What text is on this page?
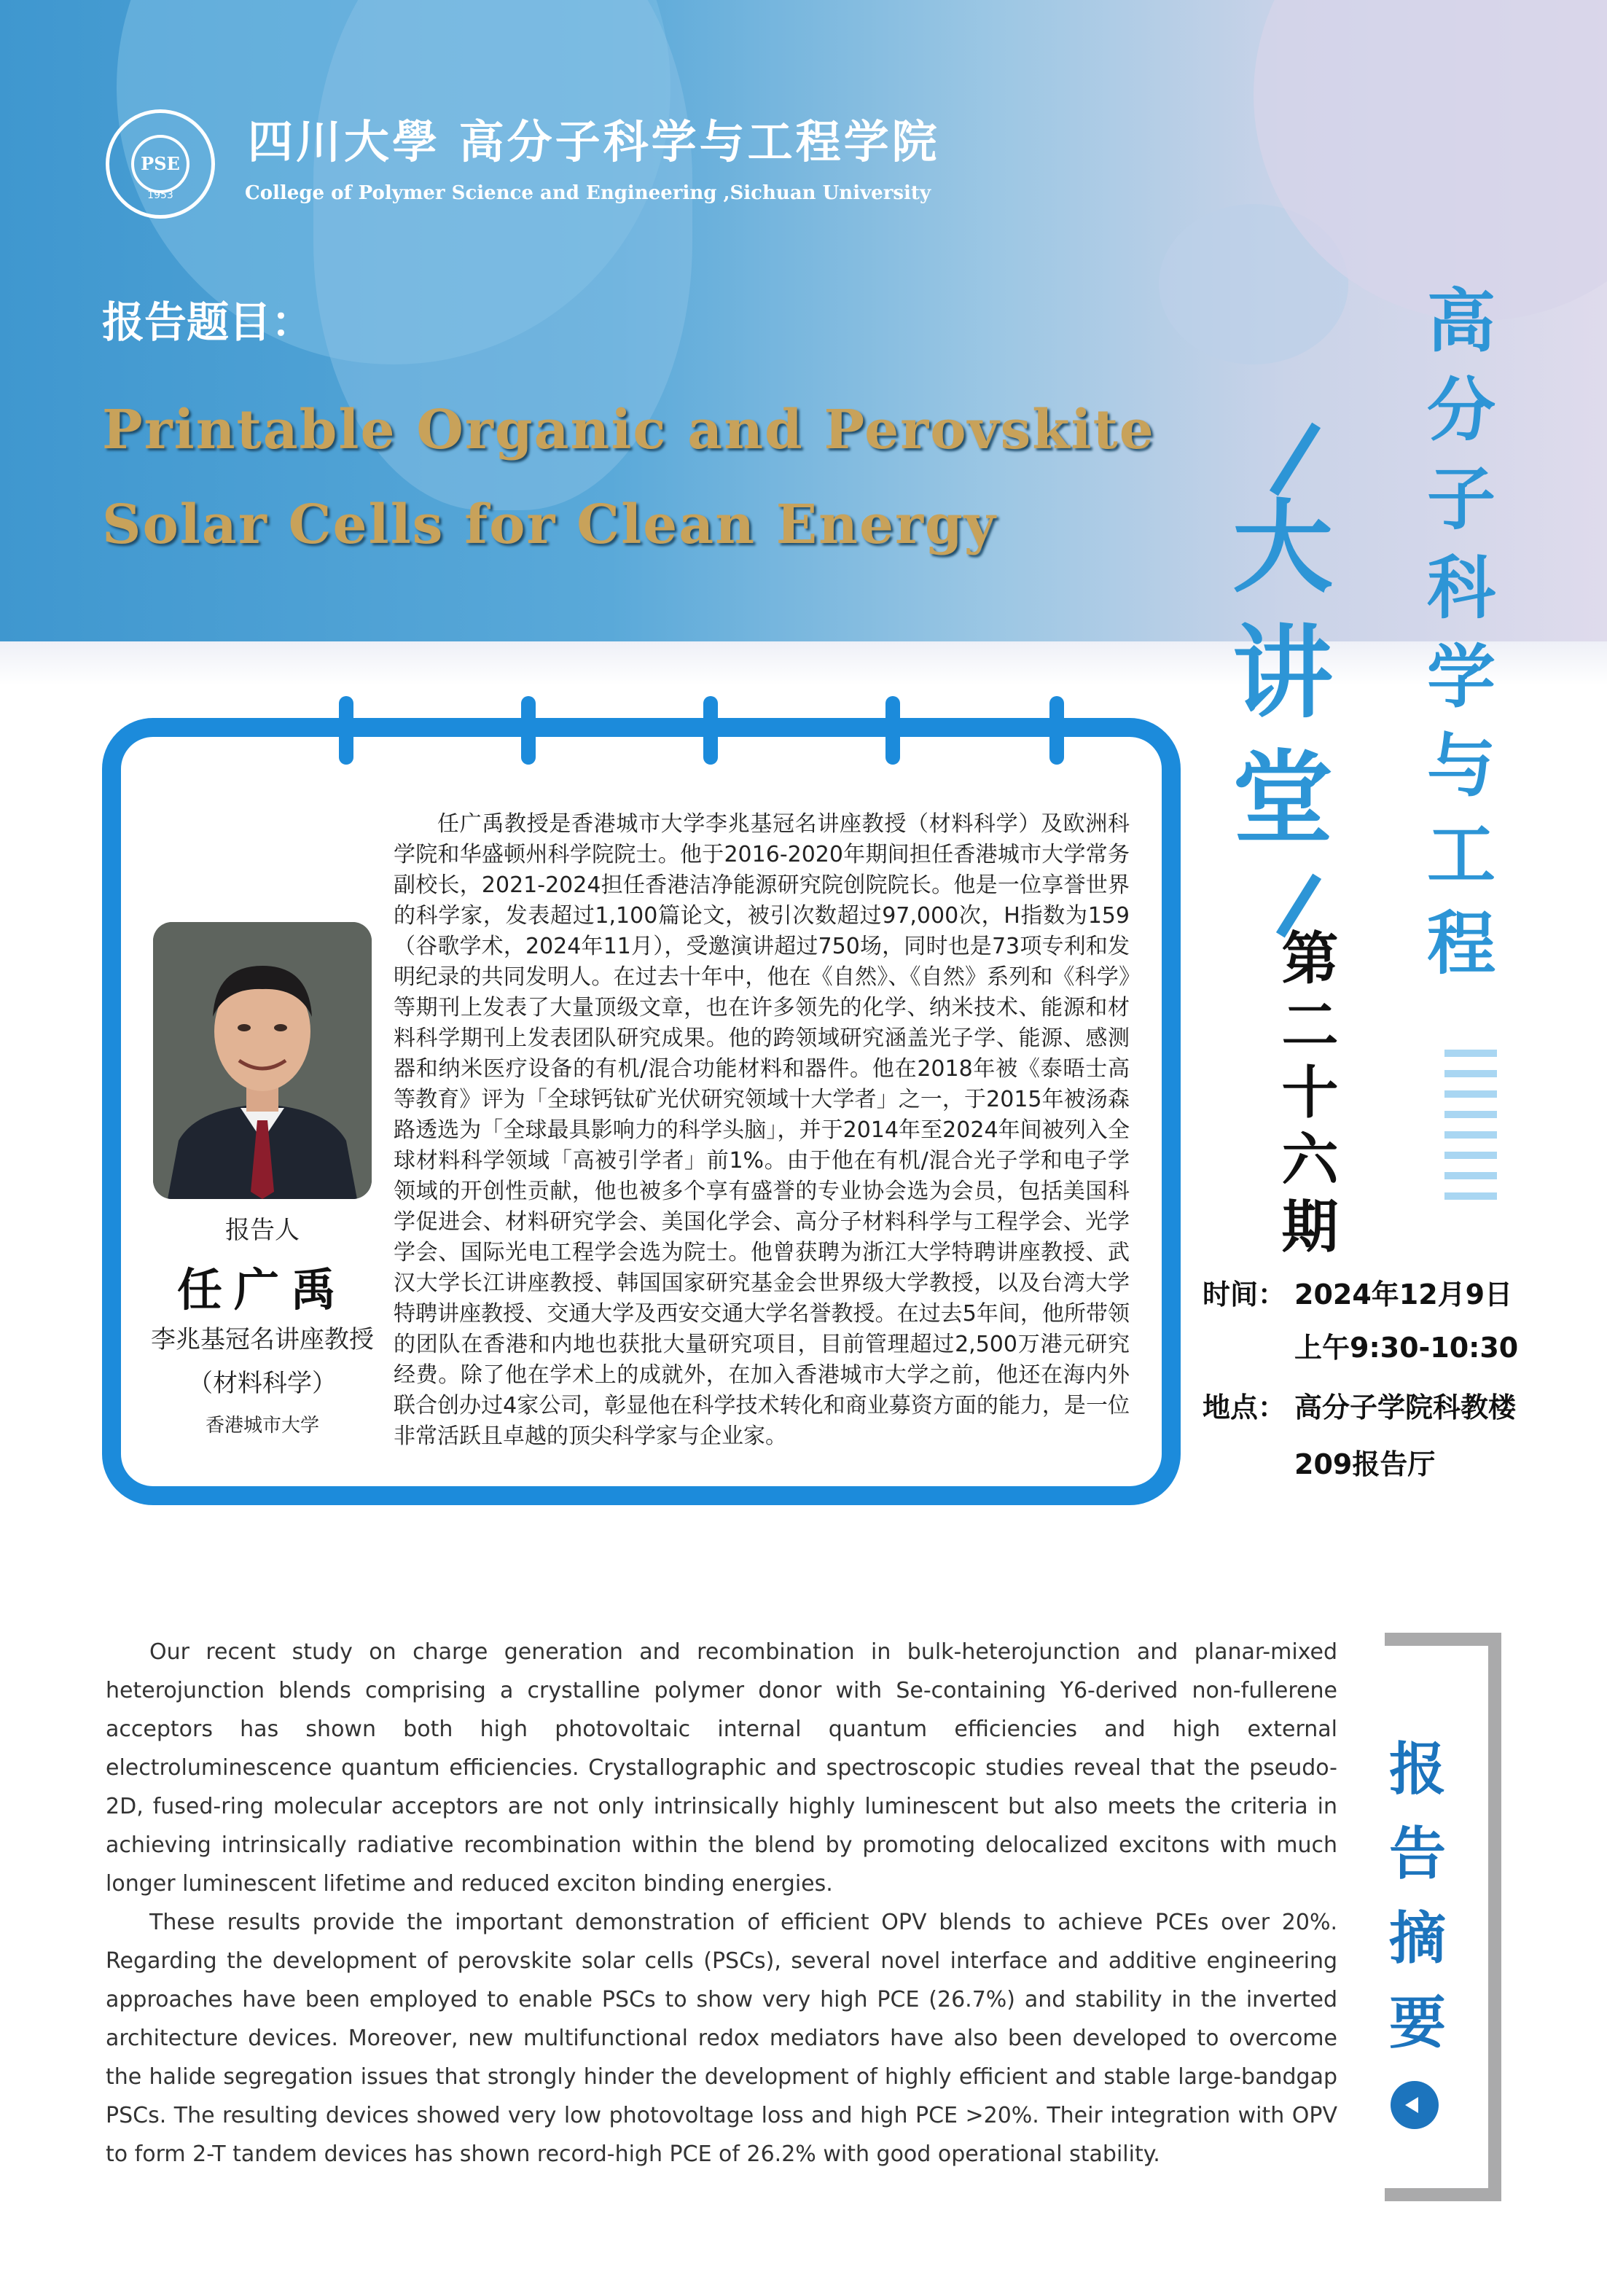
PSE
1953
四川大學 高分子科学与工程学院
College of Polymer Science and Engineering ,Sichuan University
报告题目：
Printable Organic and Perovskite Solar Cells for Clean Energy
高分子科学与工程
大讲堂
第二十六期
报告人
任广禹
李兆基冠名讲座教授
（材料科学）
香港城市大学
任广禹教授是香港城市大学李兆基冠名讲座教授（材料科学）及欧洲科学院和华盛顿州科学院院士。他于2016-2020年期间担任香港城市大学常务副校长，2021-2024担任香港洁净能源研究院创院院长。他是一位享誉世界的科学家，发表超过1,100篇论文，被引次数超过97,000次，H指数为159（谷歌学术，2024年11月），受邀演讲超过750场，同时也是73项专利和发明纪录的共同发明人。在过去十年中，他在《自然》、《自然》系列和《科学》等期刊上发表了大量顶级文章，也在许多领先的化学、纳米技术、能源和材料科学期刊上发表团队研究成果。他的跨领域研究涵盖光子学、能源、感测器和纳米医疗设备的有机/混合功能材料和器件。他在2018年被《泰晤士高等教育》评为「全球钙钛矿光伏研究领域十大学者」之一，于2015年被汤森路透选为「全球最具影响力的科学头脑」，并于2014年至2024年间被列入全球材料科学领域「高被引学者」前1%。由于他在有机/混合光子学和电子学领域的开创性贡献，他也被多个享有盛誉的专业协会选为会员，包括美国科学促进会、材料研究学会、美国化学会、高分子材料科学与工程学会、光学学会、国际光电工程学会选为院士。他曾获聘为浙江大学特聘讲座教授、武汉大学长江讲座教授、韩国国家研究基金会世界级大学教授，以及台湾大学特聘讲座教授、交通大学及西安交通大学名誉教授。在过去5年间，他所带领的团队在香港和内地也获批大量研究项目，目前管理超过2,500万港元研究经费。除了他在学术上的成就外，在加入香港城市大学之前，他还在海内外联合创办过4家公司，彰显他在科学技术转化和商业募资方面的能力，是一位非常活跃且卓越的顶尖科学家与企业家。
时间： 2024年12月9日
上午9:30-10:30
地点： 高分子学院科教楼
209报告厅

Our recent study on charge generation and recombination in bulk-heterojunction and planar-mixed heterojunction blends comprising a crystalline polymer donor with Se-containing Y6-derived non-fullerene acceptors has shown both high photovoltaic internal quantum efficiencies and high external electroluminescence quantum efficiencies. Crystallographic and spectroscopic studies reveal that the pseudo-2D, fused-ring molecular acceptors are not only intrinsically highly luminescent but also meets the criteria in achieving intrinsically radiative recombination within the blend by promoting delocalized excitons with much longer luminescent lifetime and reduced exciton binding energies.

These results provide the important demonstration of efficient OPV blends to achieve PCEs over 20%. Regarding the development of perovskite solar cells (PSCs), several novel interface and additive engineering approaches have been employed to enable PSCs to show very high PCE (26.7%) and stability in the inverted architecture devices. Moreover, new multifunctional redox mediators have also been developed to overcome the halide segregation issues that strongly hinder the development of highly efficient and stable large-bandgap PSCs. The resulting devices showed very low photovoltage loss and high PCE >20%. Their integration with OPV to form 2-T tandem devices has shown record-high PCE of 26.2% with good operational stability.

报告摘要
